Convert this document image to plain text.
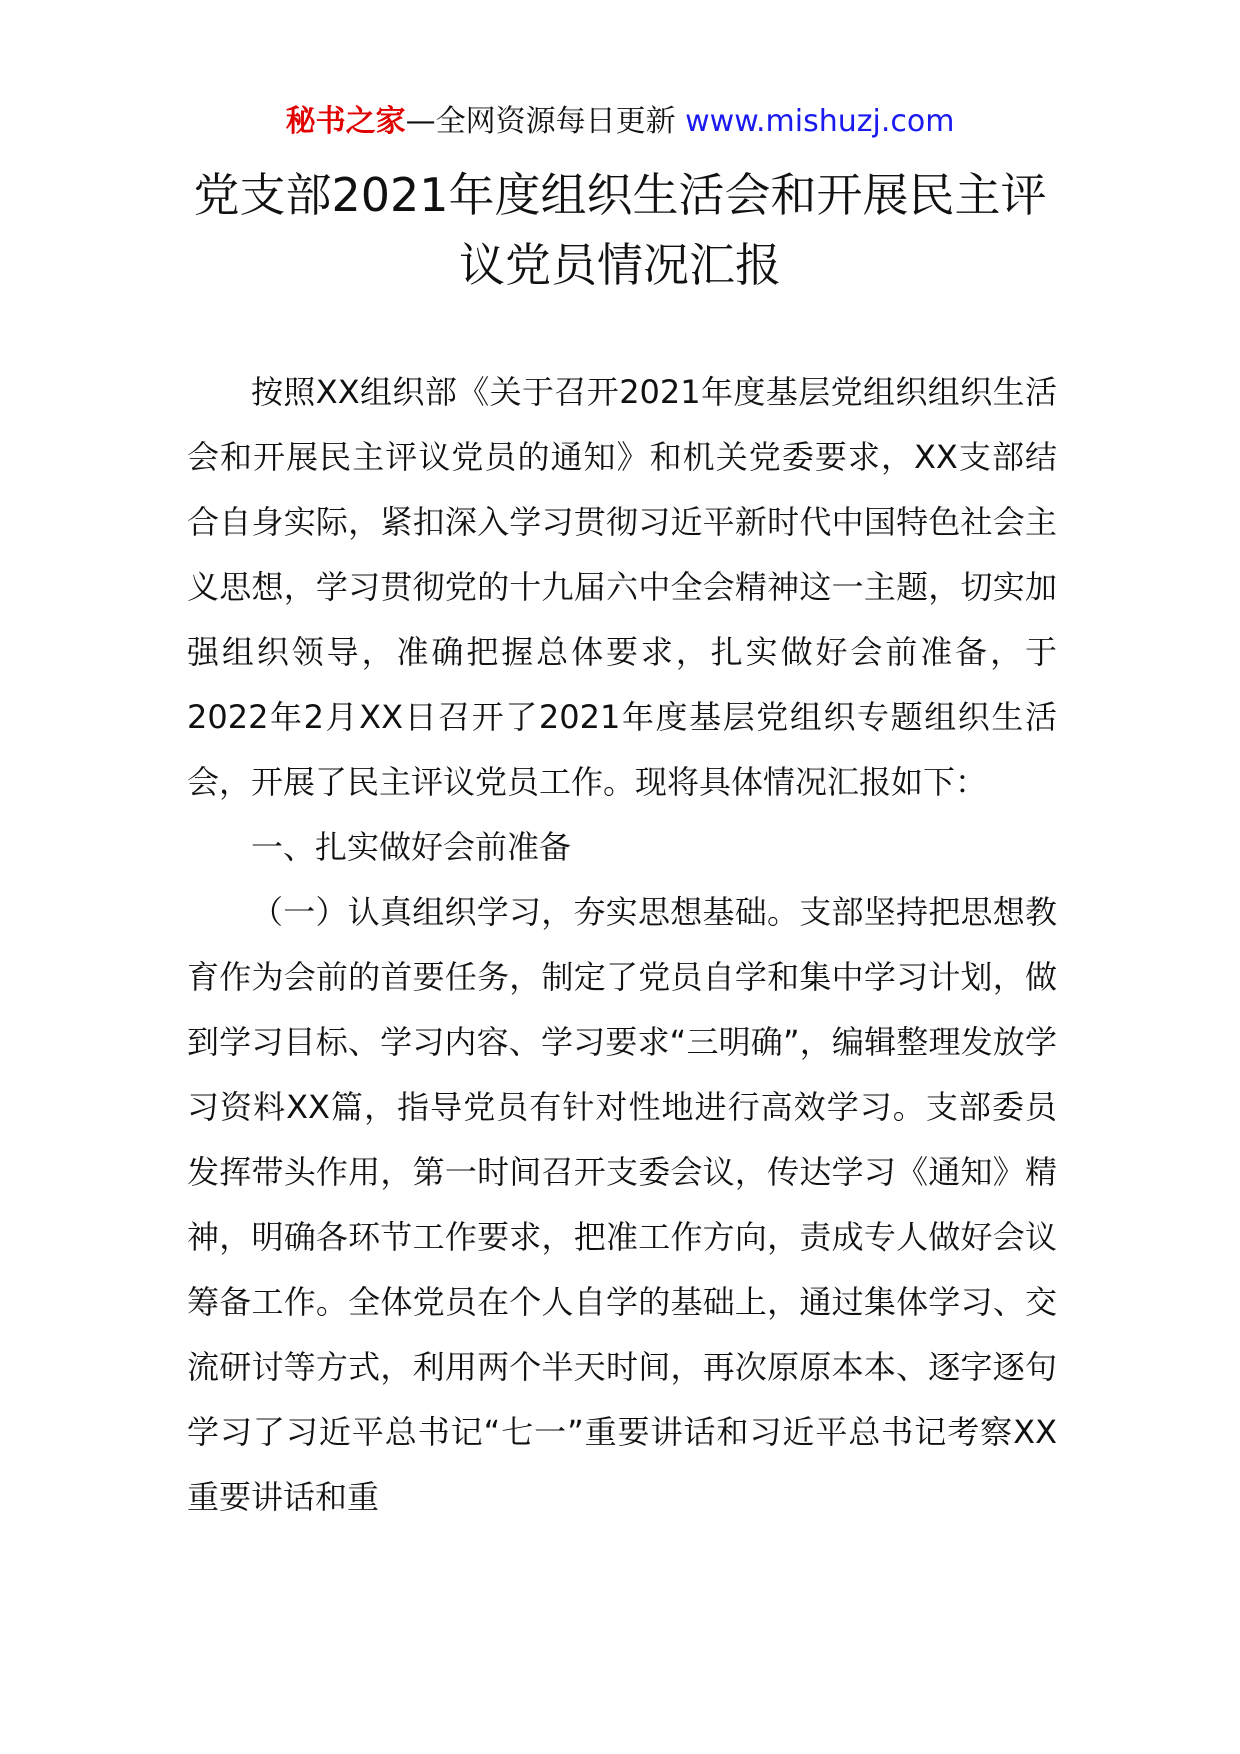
秘书之家—全网资源每日更新 www.mishuzj.com
党支部2021年度组织生活会和开展民主评
议党员情况汇报

按照XX组织部《关于召开2021年度基层党组织组织生活会和开展民主评议党员的通知》和机关党委要求，XX支部结合自身实际，紧扣深入学习贯彻习近平新时代中国特色社会主义思想，学习贯彻党的十九届六中全会精神这一主题，切实加强组织领导，准确把握总体要求，扎实做好会前准备，于2022年2月XX日召开了2021年度基层党组织专题组织生活会，开展了民主评议党员工作。现将具体情况汇报如下：

一、扎实做好会前准备

（一）认真组织学习，夯实思想基础。支部坚持把思想教育作为会前的首要任务，制定了党员自学和集中学习计划，做到学习目标、学习内容、学习要求“三明确”，编辑整理发放学习资料XX篇，指导党员有针对性地进行高效学习。支部委员发挥带头作用，第一时间召开支委会议，传达学习《通知》精神，明确各环节工作要求，把准工作方向，责成专人做好会议筹备工作。全体党员在个人自学的基础上，通过集体学习、交流研讨等方式，利用两个半天时间，再次原原本本、逐字逐句学习了习近平总书记“七一”重要讲话和习近平总书记考察XX重要讲话和重
